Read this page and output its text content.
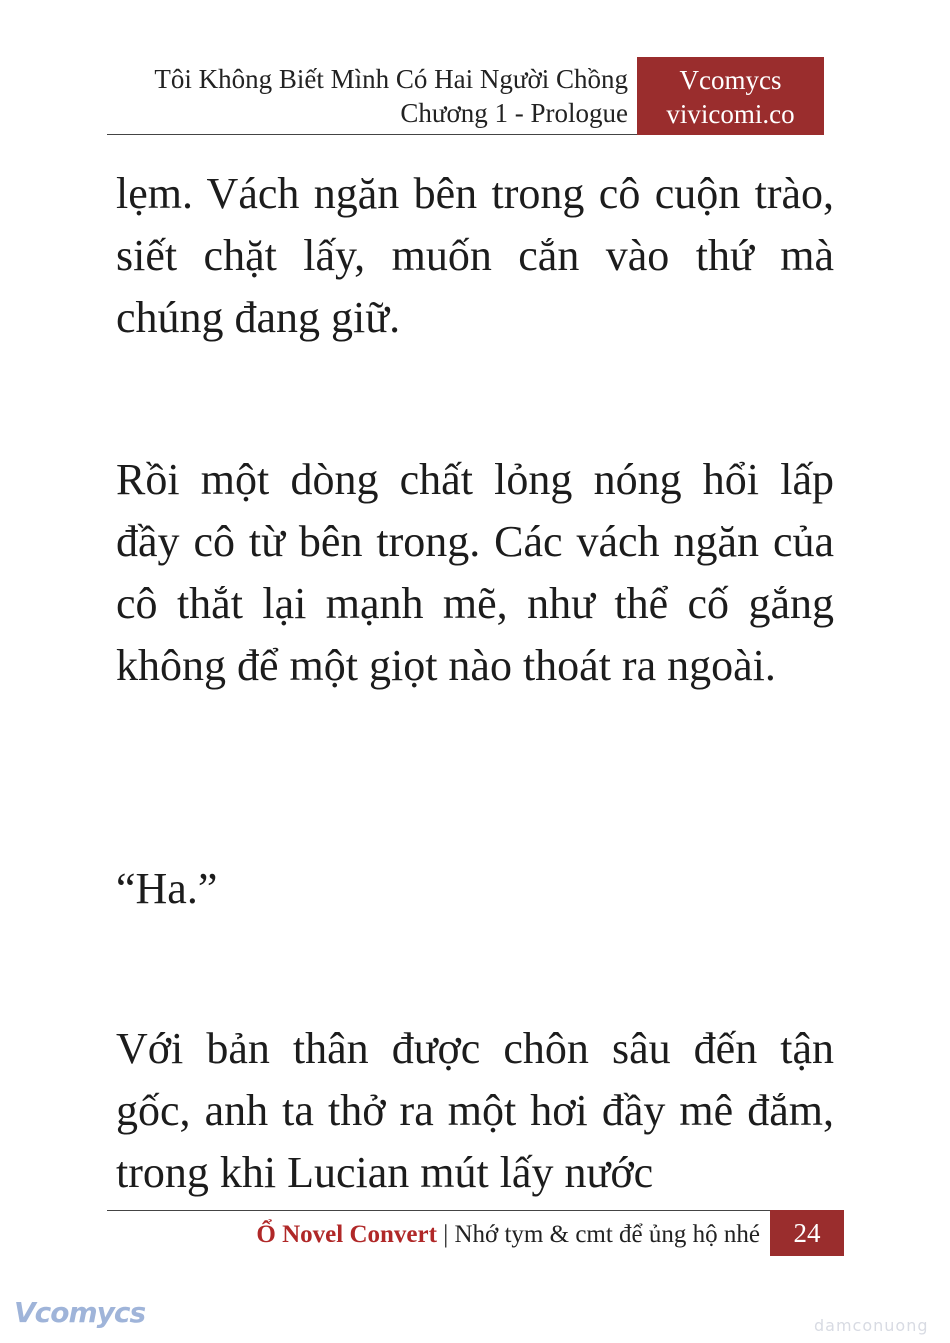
Tôi Không Biết Mình Có Hai Người Chồng
Chương 1 - Prologue
Vcomycs
vivicomi.co

lẹm. Vách ngăn bên trong cô cuộn trào, siết chặt lấy, muốn cắn vào thứ mà chúng đang giữ.

Rồi một dòng chất lỏng nóng hổi lấp đầy cô từ bên trong. Các vách ngăn của cô thắt lại mạnh mẽ, như thể cố gắng không để một giọt nào thoát ra ngoài.

“Ha.”

Với bản thân được chôn sâu đến tận gốc, anh ta thở ra một hơi đầy mê đắm, trong khi Lucian mút lấy nước

Ổ Novel Convert | Nhớ tym & cmt để ủng hộ nhé	24
Vcomycs	damconuong
